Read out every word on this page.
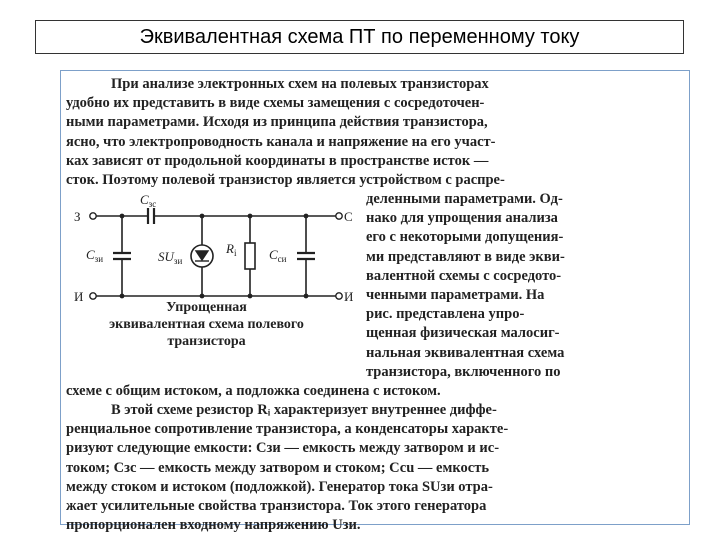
Эквивалентная схема ПТ по переменному току

При анализе электронных схем на полевых транзисторах
удобно их представить в виде схемы замещения с сосредоточен-
ными параметрами. Исходя из принципа действия транзистора,
ясно, что электропроводность канала и напряжение на его участ-
ках зависят от продольной координаты в пространстве исток —
сток. Поэтому полевой транзистор является устройством с распре-

деленными параметрами. Од-
нако для упрощения анализа
его с некоторыми допущения-
ми представляют в виде экви-
валентной схемы с сосредото-
ченными параметрами. На
рис. представлена упро-
щенная физическая малосиг-
нальная эквивалентная схема
транзистора, включенного по

З	С
И	И
$C_{зс}$
$C_{зи}$	$SU_{зи}$
$R_i$	$C_{си}$
Упрощенная
эквивалентная схема полевого
транзистора

схеме с общим истоком, а подложка соединена с истоком.

В этой схеме резистор Rᵢ характеризует внутреннее диффе-
ренциальное сопротивление транзистора, а конденсаторы характе-
ризуют следующие емкости: Сзи — емкость между затвором и ис-
током; Сзс — емкость между затвором и стоком; Ссu — емкость
между стоком и истоком (подложкой). Генератор тока SUзи отра-
жает усилительные свойства транзистора. Ток этого генератора
пропорционален входному напряжению Uзи.
